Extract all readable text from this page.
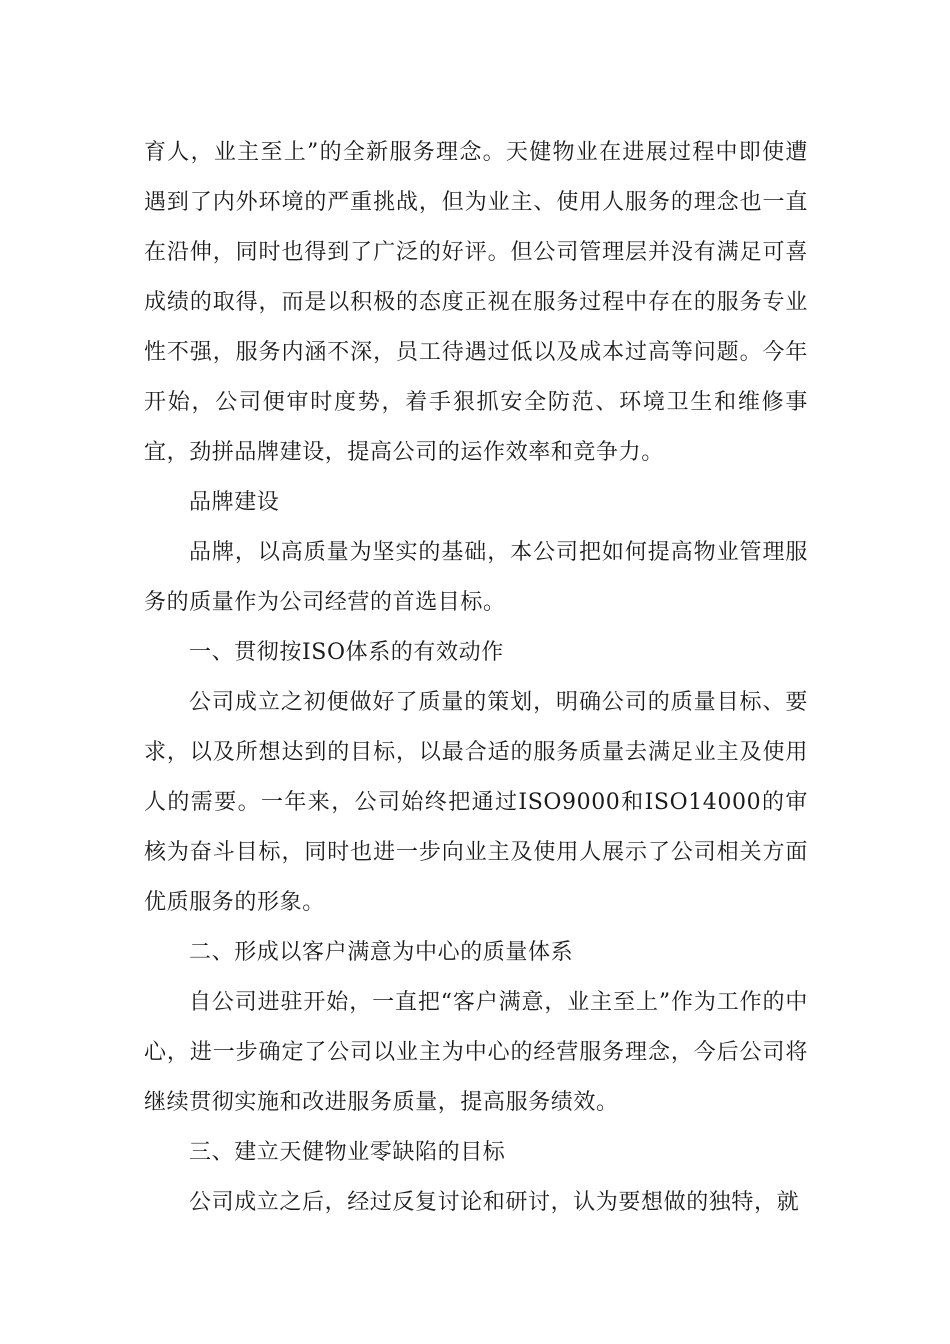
育人，业主至上”的全新服务理念。天健物业在进展过程中即使遭遇到了内外环境的严重挑战，但为业主、使用人服务的理念也一直在沿伸，同时也得到了广泛的好评。但公司管理层并没有满足可喜成绩的取得，而是以积极的态度正视在服务过程中存在的服务专业性不强，服务内涵不深，员工待遇过低以及成本过高等问题。今年开始，公司便审时度势，着手狠抓安全防范、环境卫生和维修事宜，劲拼品牌建设，提高公司的运作效率和竞争力。

品牌建设

品牌，以高质量为坚实的基础，本公司把如何提高物业管理服务的质量作为公司经营的首选目标。

一、贯彻按ISO体系的有效动作

公司成立之初便做好了质量的策划，明确公司的质量目标、要求，以及所想达到的目标，以最合适的服务质量去满足业主及使用人的需要。一年来，公司始终把通过ISO9000和ISO14000的审核为奋斗目标，同时也进一步向业主及使用人展示了公司相关方面优质服务的形象。

二、形成以客户满意为中心的质量体系

自公司进驻开始，一直把“客户满意，业主至上”作为工作的中心，进一步确定了公司以业主为中心的经营服务理念，今后公司将继续贯彻实施和改进服务质量，提高服务绩效。

三、建立天健物业零缺陷的目标

公司成立之后，经过反复讨论和研讨，认为要想做的独特，就
